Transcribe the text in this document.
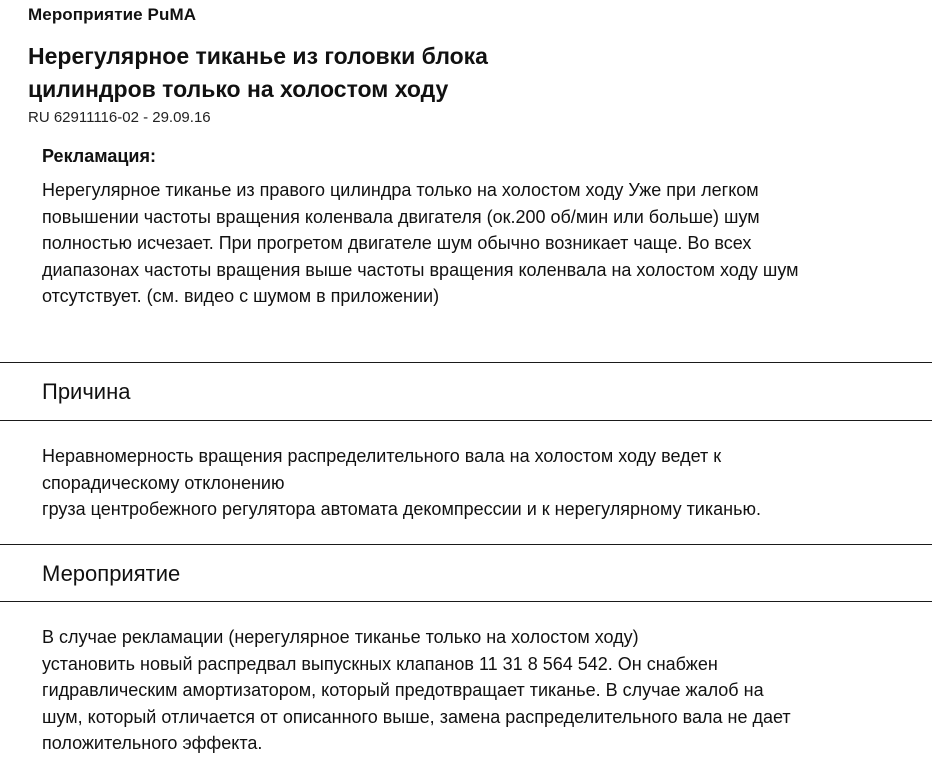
Мероприятие PuMA
Нерегулярное тиканье из головки блока
цилиндров только на холостом ходу
RU 62911116-02 - 29.09.16
Рекламация:
Нерегулярное тиканье из правого цилиндра только на холостом ходу Уже при легком
повышении частоты вращения коленвала двигателя (ок.200 об/мин или больше) шум
полностью исчезает. При прогретом двигателе шум обычно возникает чаще. Во всех
диапазонах частоты вращения выше частоты вращения коленвала на холостом ходу шум
отсутствует. (см. видео с шумом в приложении)
Причина
Неравномерность вращения распределительного вала на холостом ходу ведет к
спорадическому отклонению
груза центробежного регулятора автомата декомпрессии и к нерегулярному тиканью.
Мероприятие
В случае рекламации (нерегулярное тиканье только на холостом ходу)
установить новый распредвал выпускных клапанов 11 31 8 564 542. Он снабжен
гидравлическим амортизатором, который предотвращает тиканье. В случае жалоб на
шум, который отличается от описанного выше, замена распределительного вала не дает
положительного эффекта.
